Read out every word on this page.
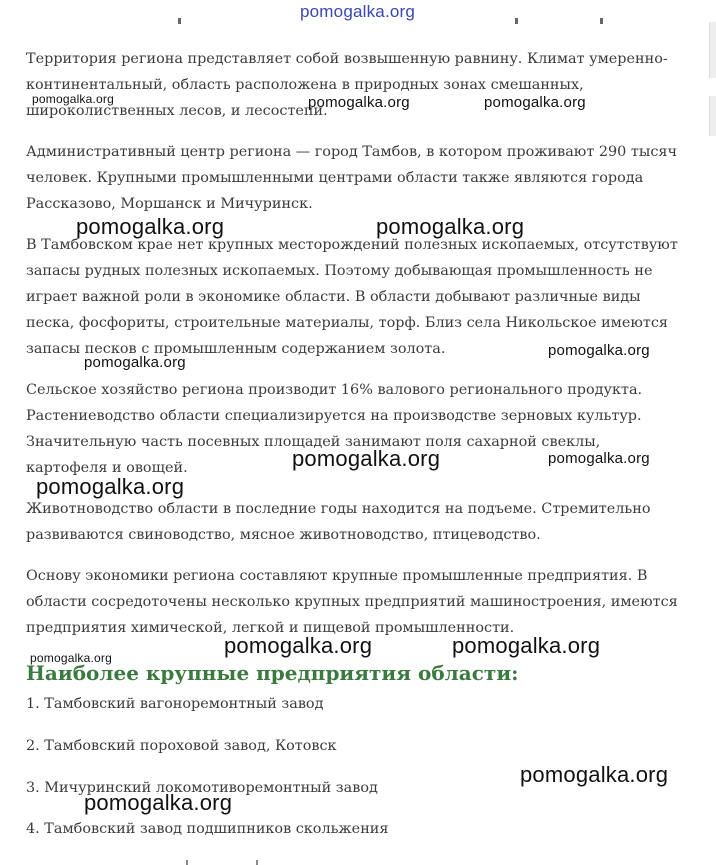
Территория региона представляет собой возвышенную равнину. Климат умеренно-континентальный, область расположена в природных зонах смешанных, широколиственных лесов, и лесостепи.

Административный центр региона — город Тамбов, в котором проживают 290 тысяч человек. Крупными промышленными центрами области также являются города Рассказово, Моршанск и Мичуринск.

В Тамбовском крае нет крупных месторождений полезных ископаемых, отсутствуют запасы рудных полезных ископаемых. Поэтому добывающая промышленность не играет важной роли в экономике области. В области добывают различные виды песка, фосфориты, строительные материалы, торф. Близ села Никольское имеются запасы песков с промышленным содержанием золота.

Сельское хозяйство региона производит 16% валового регионального продукта. Растениеводство области специализируется на производстве зерновых культур. Значительную часть посевных площадей занимают поля сахарной свеклы, картофеля и овощей.

Животноводство области в последние годы находится на подъеме. Стремительно развиваются свиноводство, мясное животноводство, птицеводство.

Основу экономики региона составляют крупные промышленные предприятия. В области сосредоточены несколько крупных предприятий машиностроения, имеются предприятия химической, легкой и пищевой промышленности.

Наиболее крупные предприятия области:

1. Тамбовский вагоноремонтный завод

2. Тамбовский пороховой завод, Котовск

3. Мичуринский локомотиворемонтный завод

4. Тамбовский завод подшипников скольжения

pomogalka.org
pomogalka.org	pomogalka.org	pomogalka.org
pomogalka.org	pomogalka.org
pomogalka.org
pomogalka.org
pomogalka.org	pomogalka.org
pomogalka.org
pomogalka.org	pomogalka.org
pomogalka.org
pomogalka.org
pomogalka.org
